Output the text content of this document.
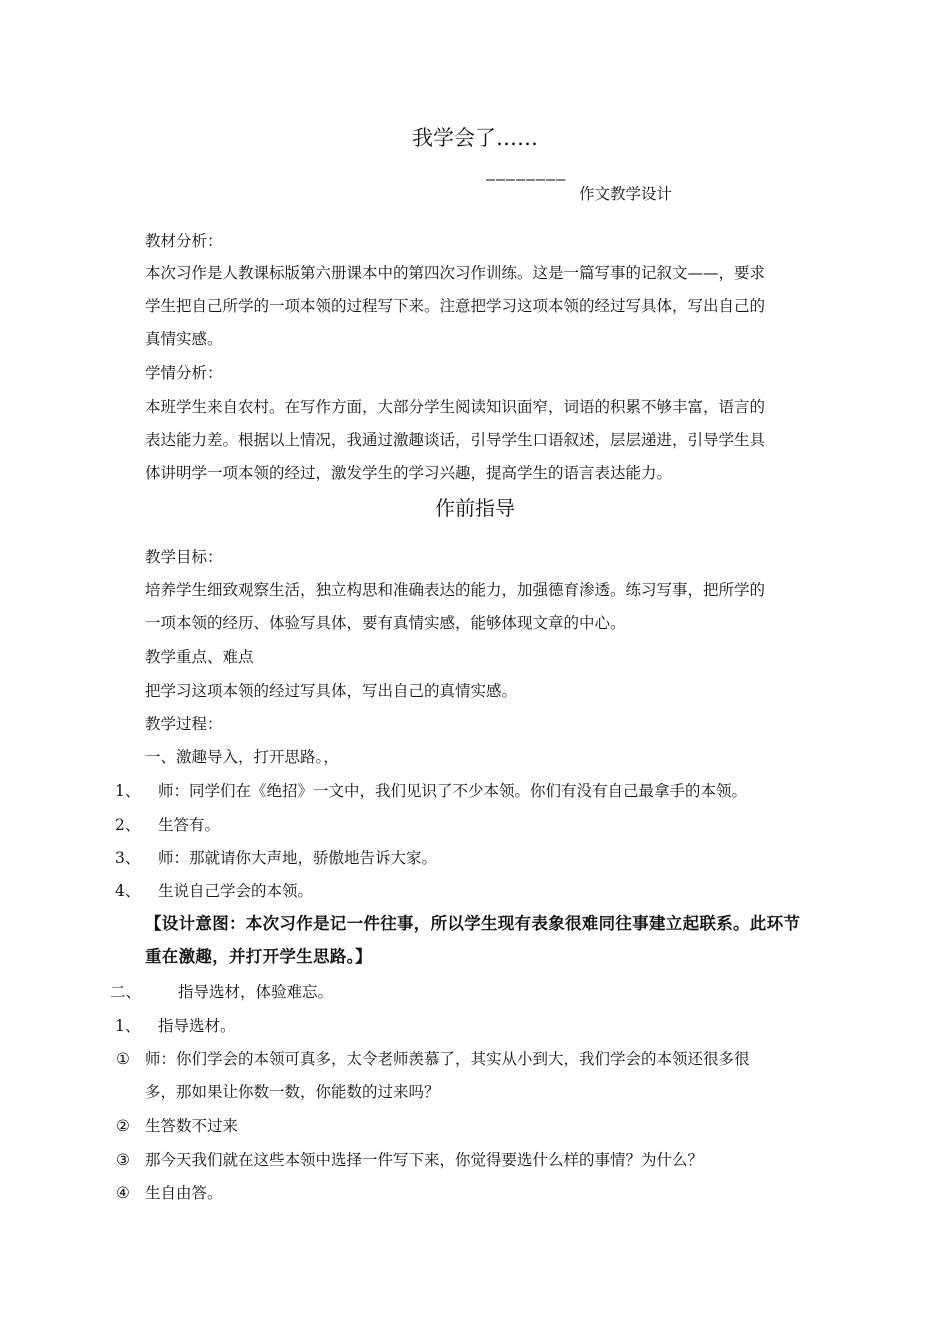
我学会了……
————————
作文教学设计
教材分析：
本次习作是人教课标版第六册课本中的第四次习作训练。这是一篇写事的记叙文——，要求
学生把自己所学的一项本领的过程写下来。注意把学习这项本领的经过写具体，写出自己的
真情实感。
学情分析：
本班学生来自农村。在写作方面，大部分学生阅读知识面窄，词语的积累不够丰富，语言的
表达能力差。根据以上情况，我通过激趣谈话，引导学生口语叙述，层层递进，引导学生具
体讲明学一项本领的经过，激发学生的学习兴趣，提高学生的语言表达能力。
作前指导
教学目标：
培养学生细致观察生活，独立构思和准确表达的能力，加强德育渗透。练习写事，把所学的
一项本领的经历、体验写具体，要有真情实感，能够体现文章的中心。
教学重点、难点
把学习这项本领的经过写具体，写出自己的真情实感。
教学过程：
一、激趣导入，打开思路。，
1、 师：同学们在《绝招》一文中，我们见识了不少本领。你们有没有自己最拿手的本领。
2、 生答有。
3、 师：那就请你大声地，骄傲地告诉大家。
4、 生说自己学会的本领。
【设计意图：本次习作是记一件往事，所以学生现有表象很难同往事建立起联系。此环节
重在激趣，并打开学生思路。】
二、 指导选材，体验难忘。
1、 指导选材。
① 师：你们学会的本领可真多，太令老师羡慕了，其实从小到大，我们学会的本领还很多很
多，那如果让你数一数，你能数的过来吗？
② 生答数不过来
③ 那今天我们就在这些本领中选择一件写下来，你觉得要选什么样的事情？为什么？
④ 生自由答。
